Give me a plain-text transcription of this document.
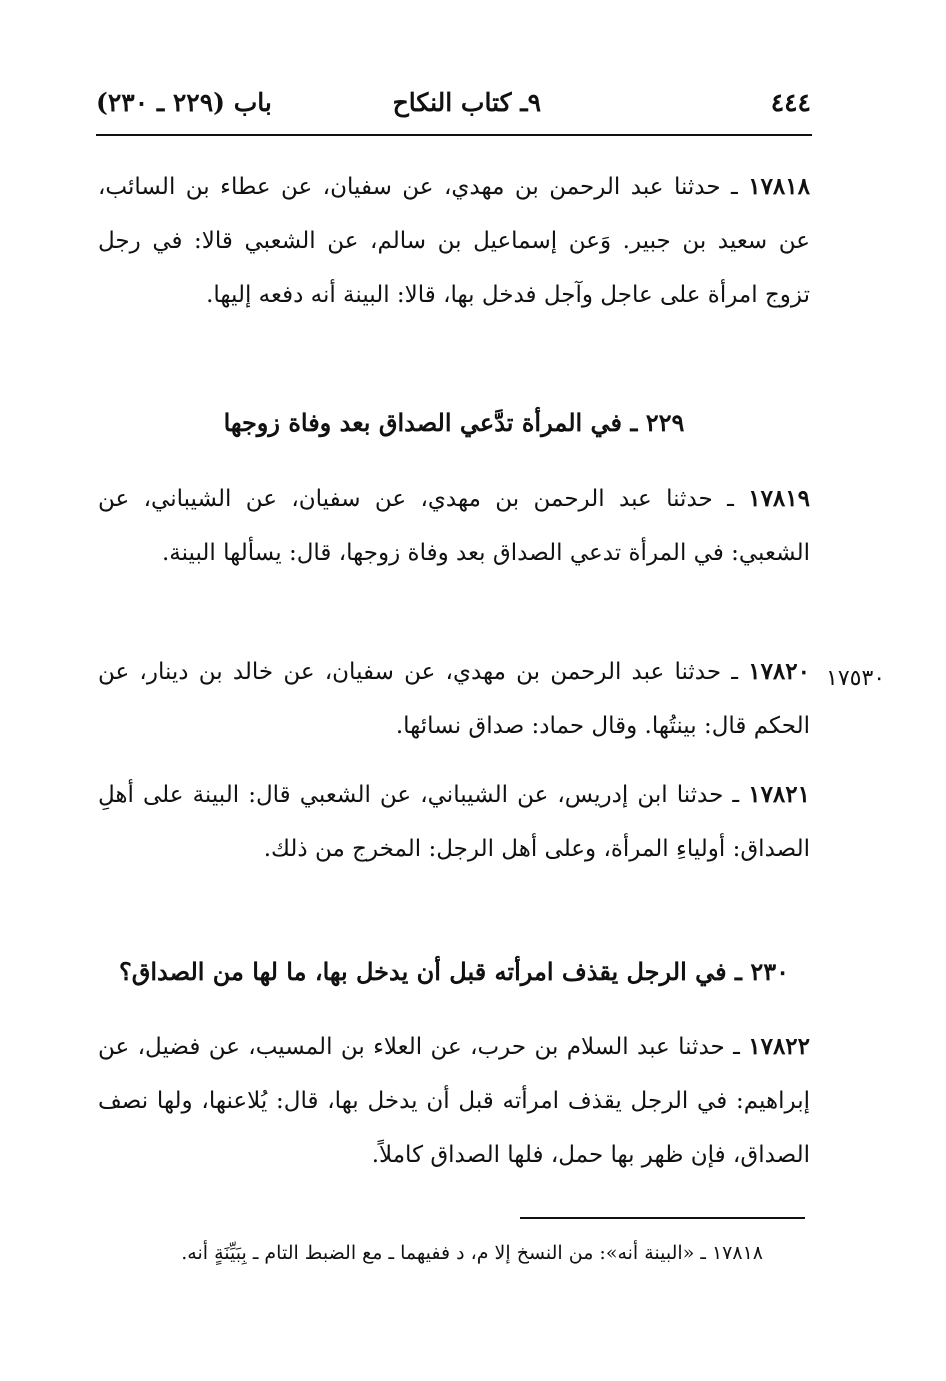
٤٤٤
٩ـ كتاب النكاح
باب (٢٢٩ ـ ٢٣٠)
١٧٨١٨ ـ حدثنا عبد الرحمن بن مهدي، عن سفيان، عن عطاء بن السائب، عن سعيد بن جبير. وَعن إسماعيل بن سالم، عن الشعبي قالا: في رجل تزوج امرأة على عاجل وآجل فدخل بها، قالا: البينة أنه دفعه إليها.
٢٢٩ ـ في المرأة تدَّعي الصداق بعد وفاة زوجها
١٧٨١٩ ـ حدثنا عبد الرحمن بن مهدي، عن سفيان، عن الشيباني، عن الشعبي: في المرأة تدعي الصداق بعد وفاة زوجها، قال: يسألها البينة.
١٧٥٣٠
١٧٨٢٠ ـ حدثنا عبد الرحمن بن مهدي، عن سفيان، عن خالد بن دينار، عن الحكم قال: بينتُها. وقال حماد: صداق نسائها.
١٧٨٢١ ـ حدثنا ابن إدريس، عن الشيباني، عن الشعبي قال: البينة على أهلِ الصداق: أولياءِ المرأة، وعلى أهل الرجل: المخرج من ذلك.
٢٣٠ ـ في الرجل يقذف امرأته قبل أن يدخل بها، ما لها من الصداق؟
١٧٨٢٢ ـ حدثنا عبد السلام بن حرب، عن العلاء بن المسيب، عن فضيل، عن إبراهيم: في الرجل يقذف امرأته قبل أن يدخل بها، قال: يُلاعنها، ولها نصف الصداق، فإن ظهر بها حمل، فلها الصداق كاملاً.
١٧٨١٨ ـ «البينة أنه»: من النسخ إلا م، د ففيهما ـ مع الضبط التام ـ بِبَيِّنَةٍ أنه.
